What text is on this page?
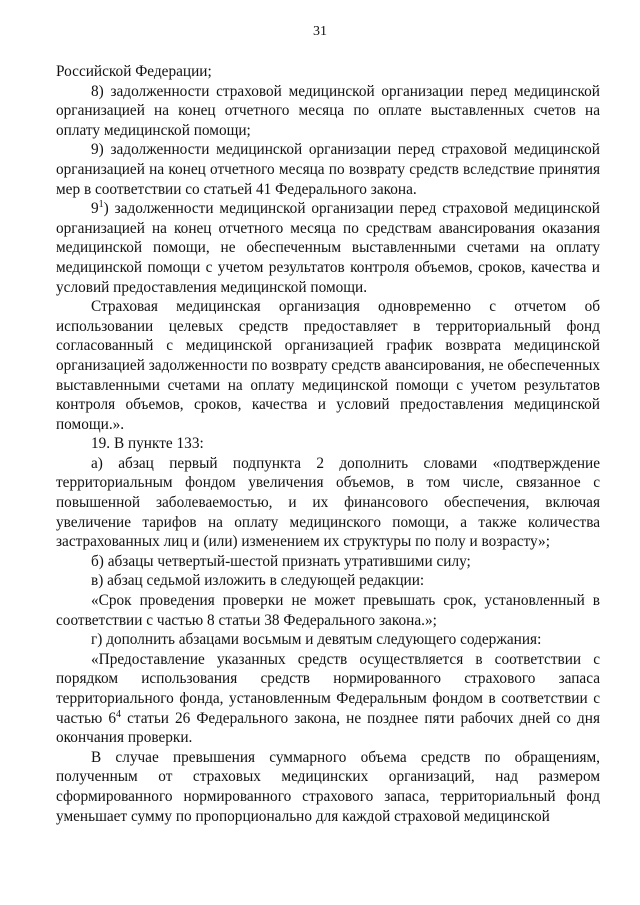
31

Российской Федерации;

8) задолженности страховой медицинской организации перед медицинской организацией на конец отчетного месяца по оплате выставленных счетов на оплату медицинской помощи;

9) задолженности медицинской организации перед страховой медицинской организацией на конец отчетного месяца по возврату средств вследствие принятия мер в соответствии со статьей 41 Федерального закона.

$9^1$) задолженности медицинской организации перед страховой медицинской организацией на конец отчетного месяца по средствам авансирования оказания медицинской помощи, не обеспеченным выставленными счетами на оплату медицинской помощи с учетом результатов контроля объемов, сроков, качества и условий предоставления медицинской помощи.

Страховая медицинская организация одновременно с отчетом об использовании целевых средств предоставляет в территориальный фонд согласованный с медицинской организацией график возврата медицинской организацией задолженности по возврату средств авансирования, не обеспеченных выставленными счетами на оплату медицинской помощи с учетом результатов контроля объемов, сроков, качества и условий предоставления медицинской помощи.».

19. В пункте 133:

а) абзац первый подпункта 2 дополнить словами «подтверждение территориальным фондом увеличения объемов, в том числе, связанное с повышенной заболеваемостью, и их финансового обеспечения, включая увеличение тарифов на оплату медицинского помощи, а также количества застрахованных лиц и (или) изменением их структуры по полу и возрасту»;

б) абзацы четвертый-шестой признать утратившими силу;

в) абзац седьмой изложить в следующей редакции:

«Срок проведения проверки не может превышать срок, установленный в соответствии с частью 8 статьи 38 Федерального закона.»;

г) дополнить абзацами восьмым и девятым следующего содержания:

«Предоставление указанных средств осуществляется в соответствии с порядком использования средств нормированного страхового запаса территориального фонда, установленным Федеральным фондом в соответствии с частью $6^4$ статьи 26 Федерального закона, не позднее пяти рабочих дней со дня окончания проверки.

В случае превышения суммарного объема средств по обращениям, полученным от страховых медицинских организаций, над размером сформированного нормированного страхового запаса, территориальный фонд уменьшает сумму по пропорционально для каждой страховой медицинской
